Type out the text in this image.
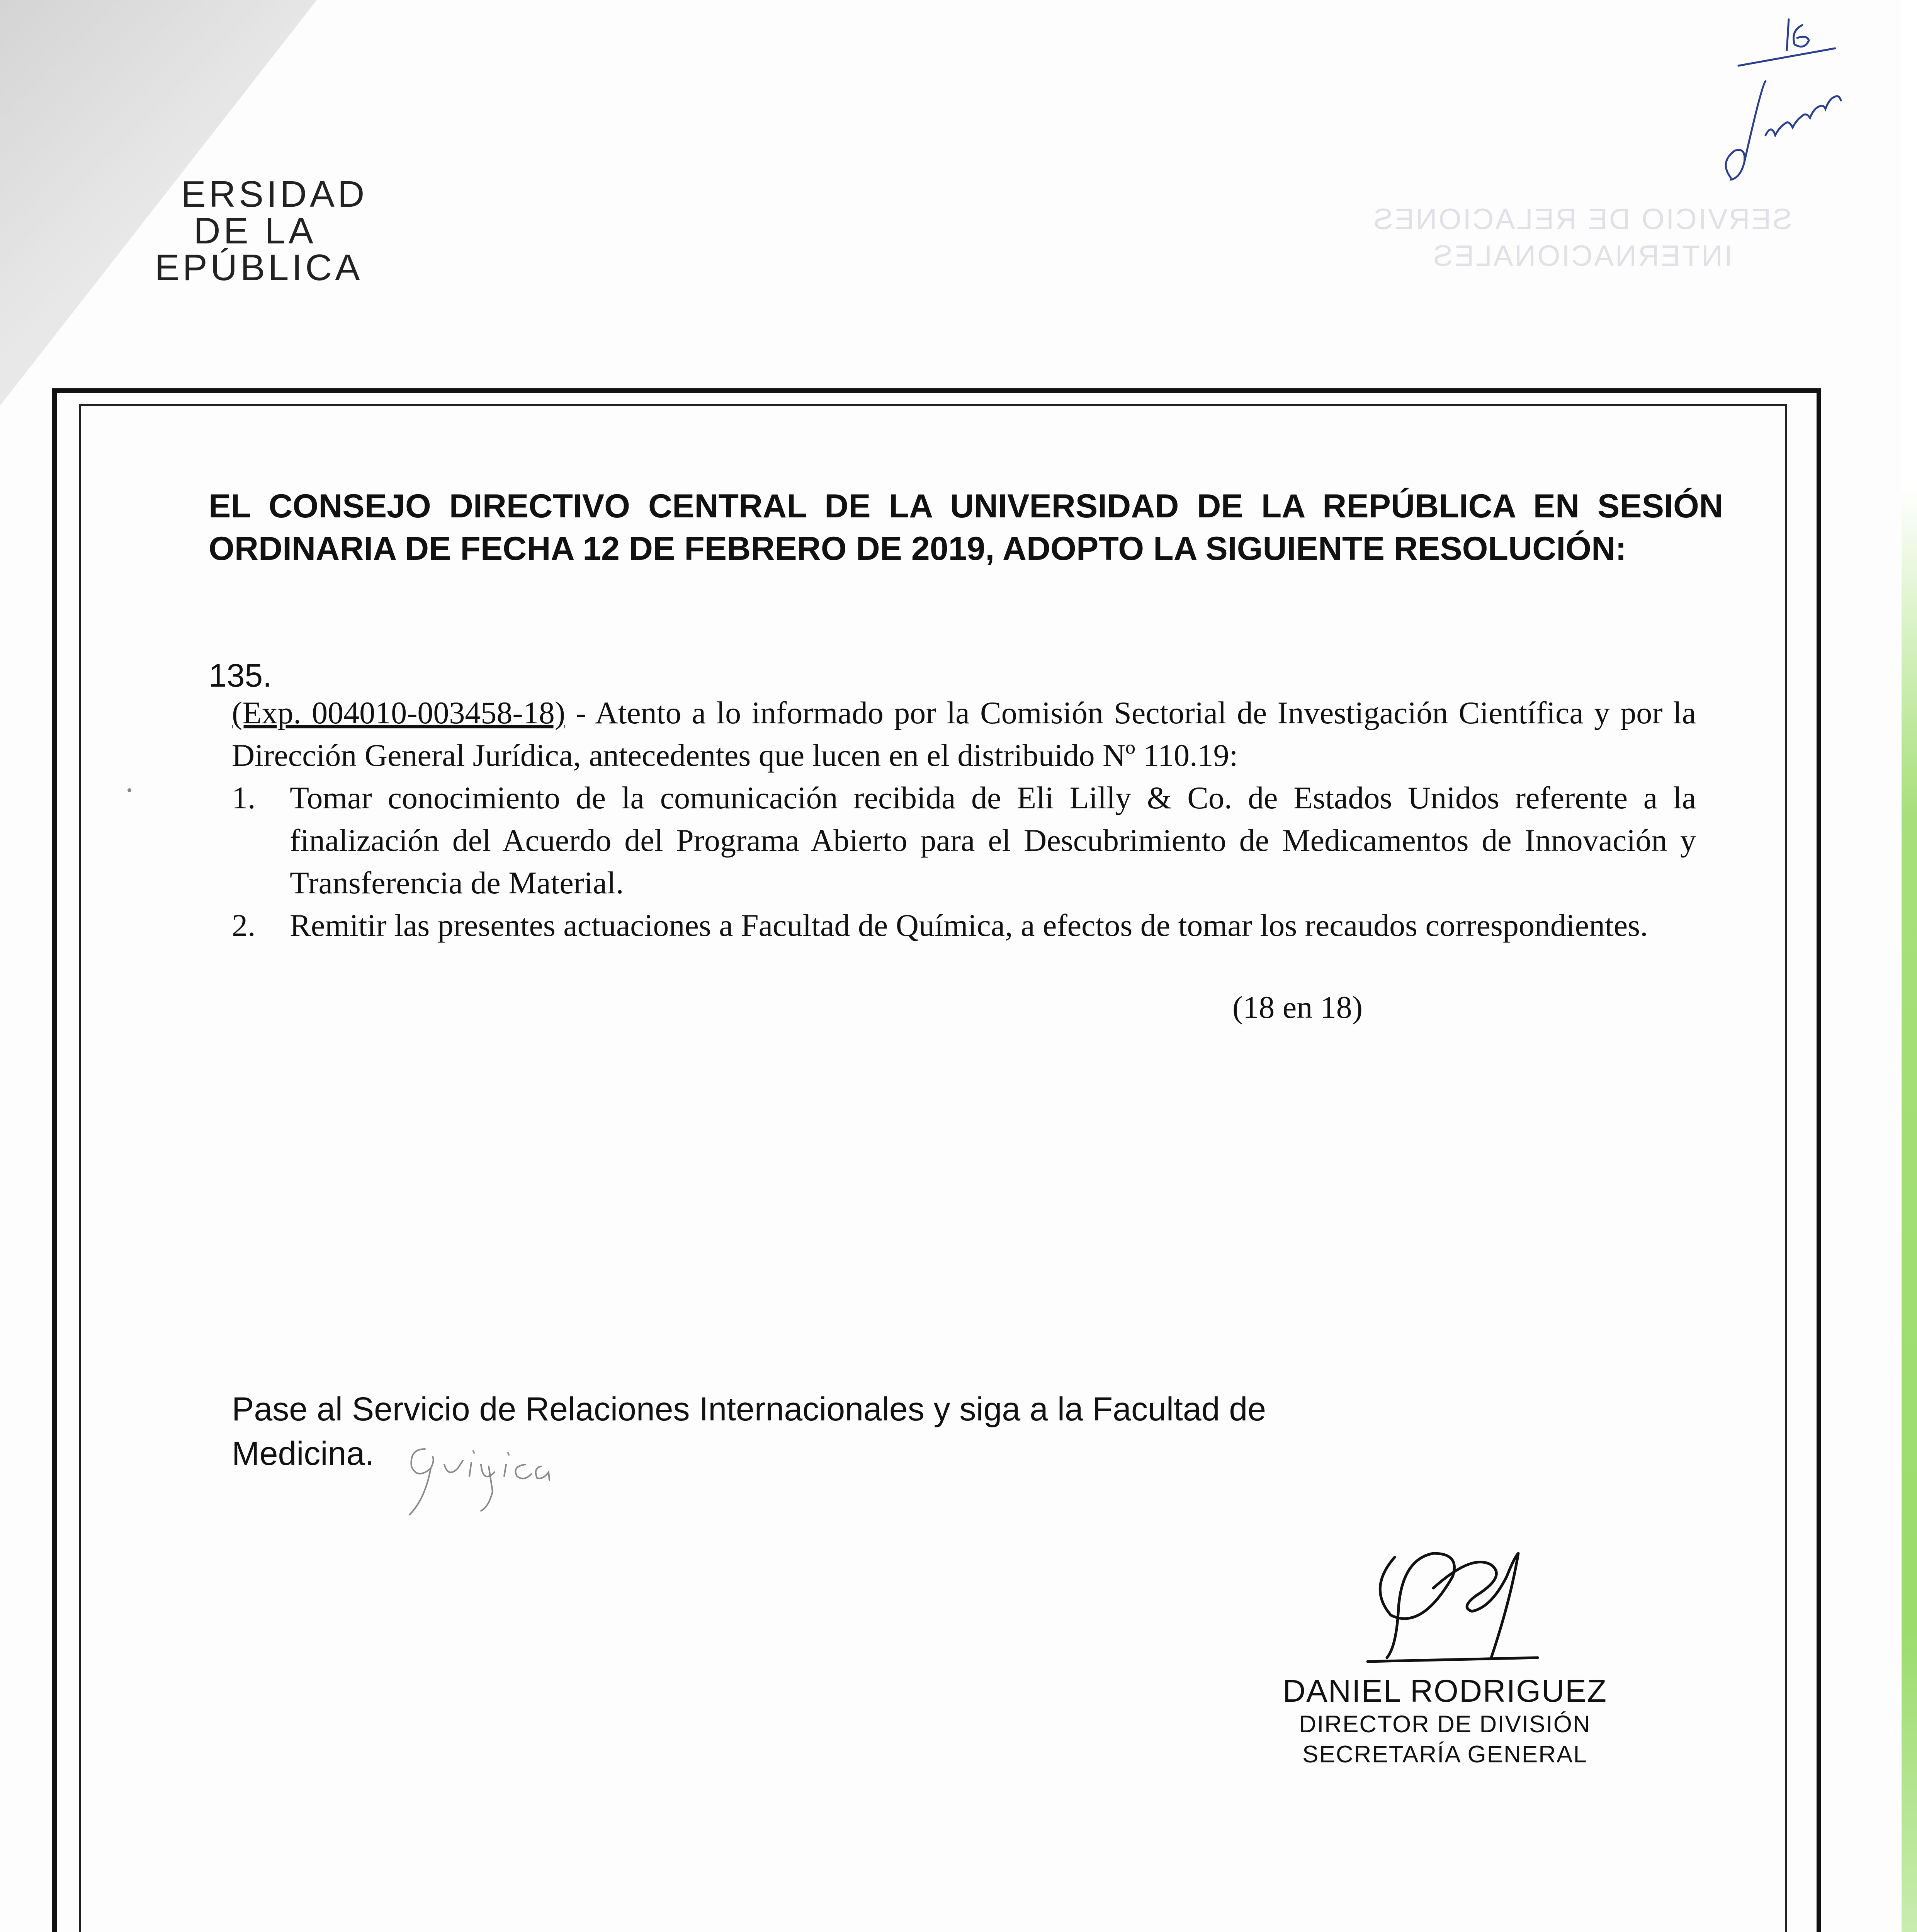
ERSIDAD
DE LA
EPÚBLICA
SERVICIO DE RELACIONES
INTERNACIONALES
EL CONSEJO DIRECTIVO CENTRAL DE LA UNIVERSIDAD DE LA REPÚBLICA EN SESIÓN ORDINARIA DE FECHA 12 DE FEBRERO DE 2019, ADOPTO LA SIGUIENTE RESOLUCIÓN:
135.
(Exp. 004010-003458-18) - Atento a lo informado por la Comisión Sectorial de Investigación Científica y por la Dirección General Jurídica, antecedentes que lucen en el distribuido Nº 110.19:
1.	Tomar conocimiento de la comunicación recibida de Eli Lilly & Co. de Estados Unidos referente a la finalización del Acuerdo del Programa Abierto para el Descubrimiento de Medicamentos de Innovación y Transferencia de Material.
2.	Remitir las presentes actuaciones a Facultad de Química, a efectos de tomar los recaudos correspondientes.
(18 en 18)
Pase al Servicio de Relaciones Internacionales y siga a la Facultad de Medicina.
DANIEL RODRIGUEZ
DIRECTOR DE DIVISIÓN
SECRETARÍA GENERAL
